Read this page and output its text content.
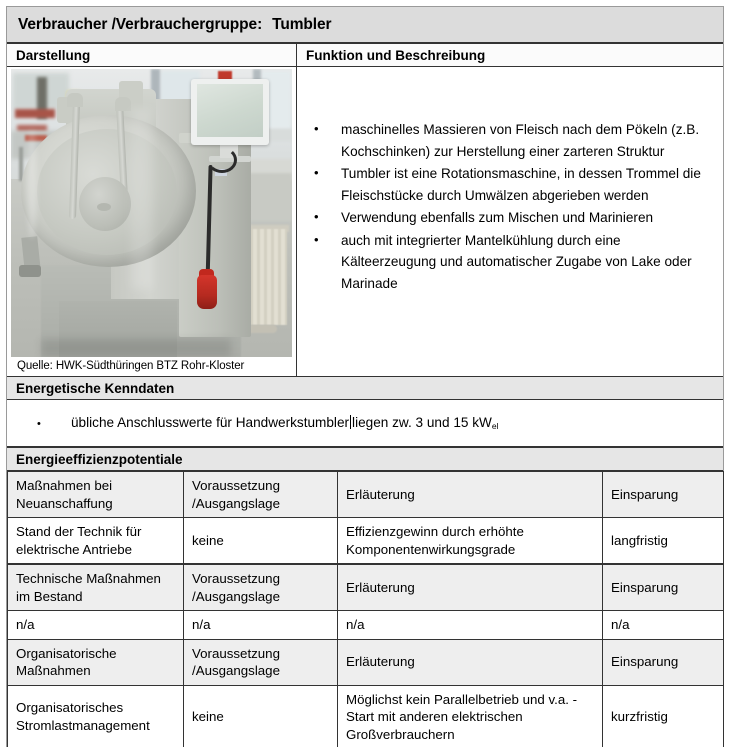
Verbraucher /Verbrauchergruppe: Tumbler
Darstellung	Funktion und Beschreibung
Quelle: HWK-Südthüringen BTZ Rohr-Kloster
• maschinelles Massieren von Fleisch nach dem Pökeln (z.B. Kochschinken) zur Herstellung einer zarteren Struktur
• Tumbler ist eine Rotationsmaschine, in dessen Trommel die Fleischstücke durch Umwälzen abgerieben werden
• Verwendung ebenfalls zum Mischen und Marinieren
• auch mit integrierter Mantelkühlung durch eine Kälteerzeugung und automatischer Zugabe von Lake oder Marinade
Energetische Kenndaten
• übliche Anschlusswerte für Handwerkstumbler liegen zw. 3 und 15 $kW_{el}$
Energieeffizienzpotentiale
Maßnahmen bei Neuanschaffung	Voraussetzung /Ausgangslage	Erläuterung	Einsparung
Stand der Technik für elektrische Antriebe	keine	Effizienzgewinn durch erhöhte Komponentenwirkungsgrade	langfristig
Technische Maßnahmen im Bestand	Voraussetzung /Ausgangslage	Erläuterung	Einsparung
n/a	n/a	n/a	n/a
Organisatorische Maßnahmen	Voraussetzung /Ausgangslage	Erläuterung	Einsparung
Organisatorisches Stromlastmanagement	keine	Möglichst kein Parallelbetrieb und v.a. -Start mit anderen elektrischen Großverbrauchern	kurzfristig
